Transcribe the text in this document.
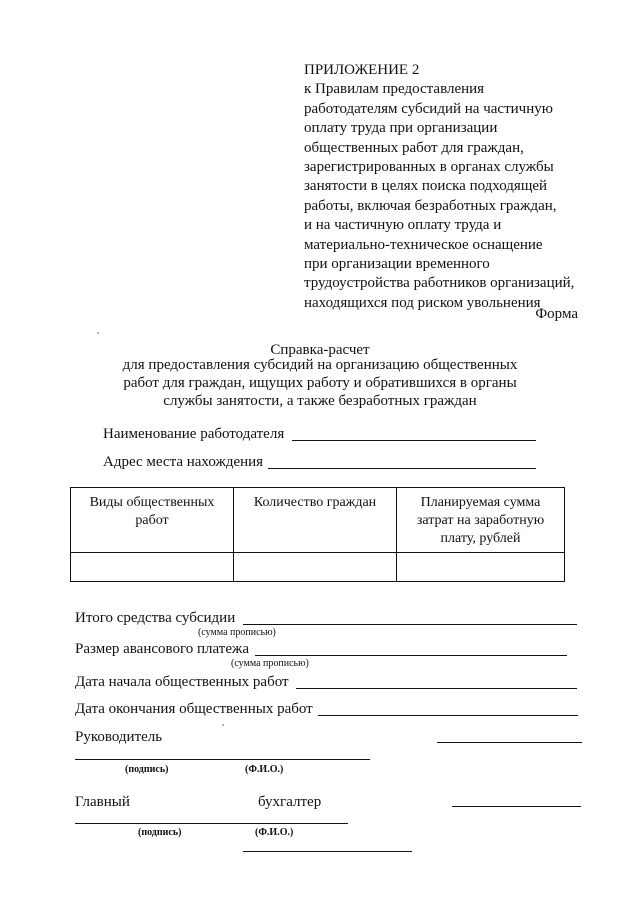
ПРИЛОЖЕНИЕ 2
к Правилам предоставления
работодателям субсидий на частичную
оплату труда при организации
общественных работ для граждан,
зарегистрированных в органах службы
занятости в целях поиска подходящей
работы, включая безработных граждан,
и на частичную оплату труда и
материально-техническое оснащение
при организации временного
трудоустройства работников организаций,
находящихся под риском увольнения
Форма
Справка-расчет
для предоставления субсидий на организацию общественных
работ для граждан, ищущих работу и обратившихся в органы
службы занятости, а также безработных граждан
Наименование работодателя
Адрес места нахождения
Виды общественных работ	Количество граждан	Планируемая сумма затрат на заработную плату, рублей

Итого средства субсидии
(сумма прописью)
Размер авансового платежа
(сумма прописью)
Дата начала общественных работ
Дата окончания общественных работ
Руководитель
(подпись)	(Ф.И.О.)
Главный	бухгалтер
(подпись)	(Ф.И.О.)
